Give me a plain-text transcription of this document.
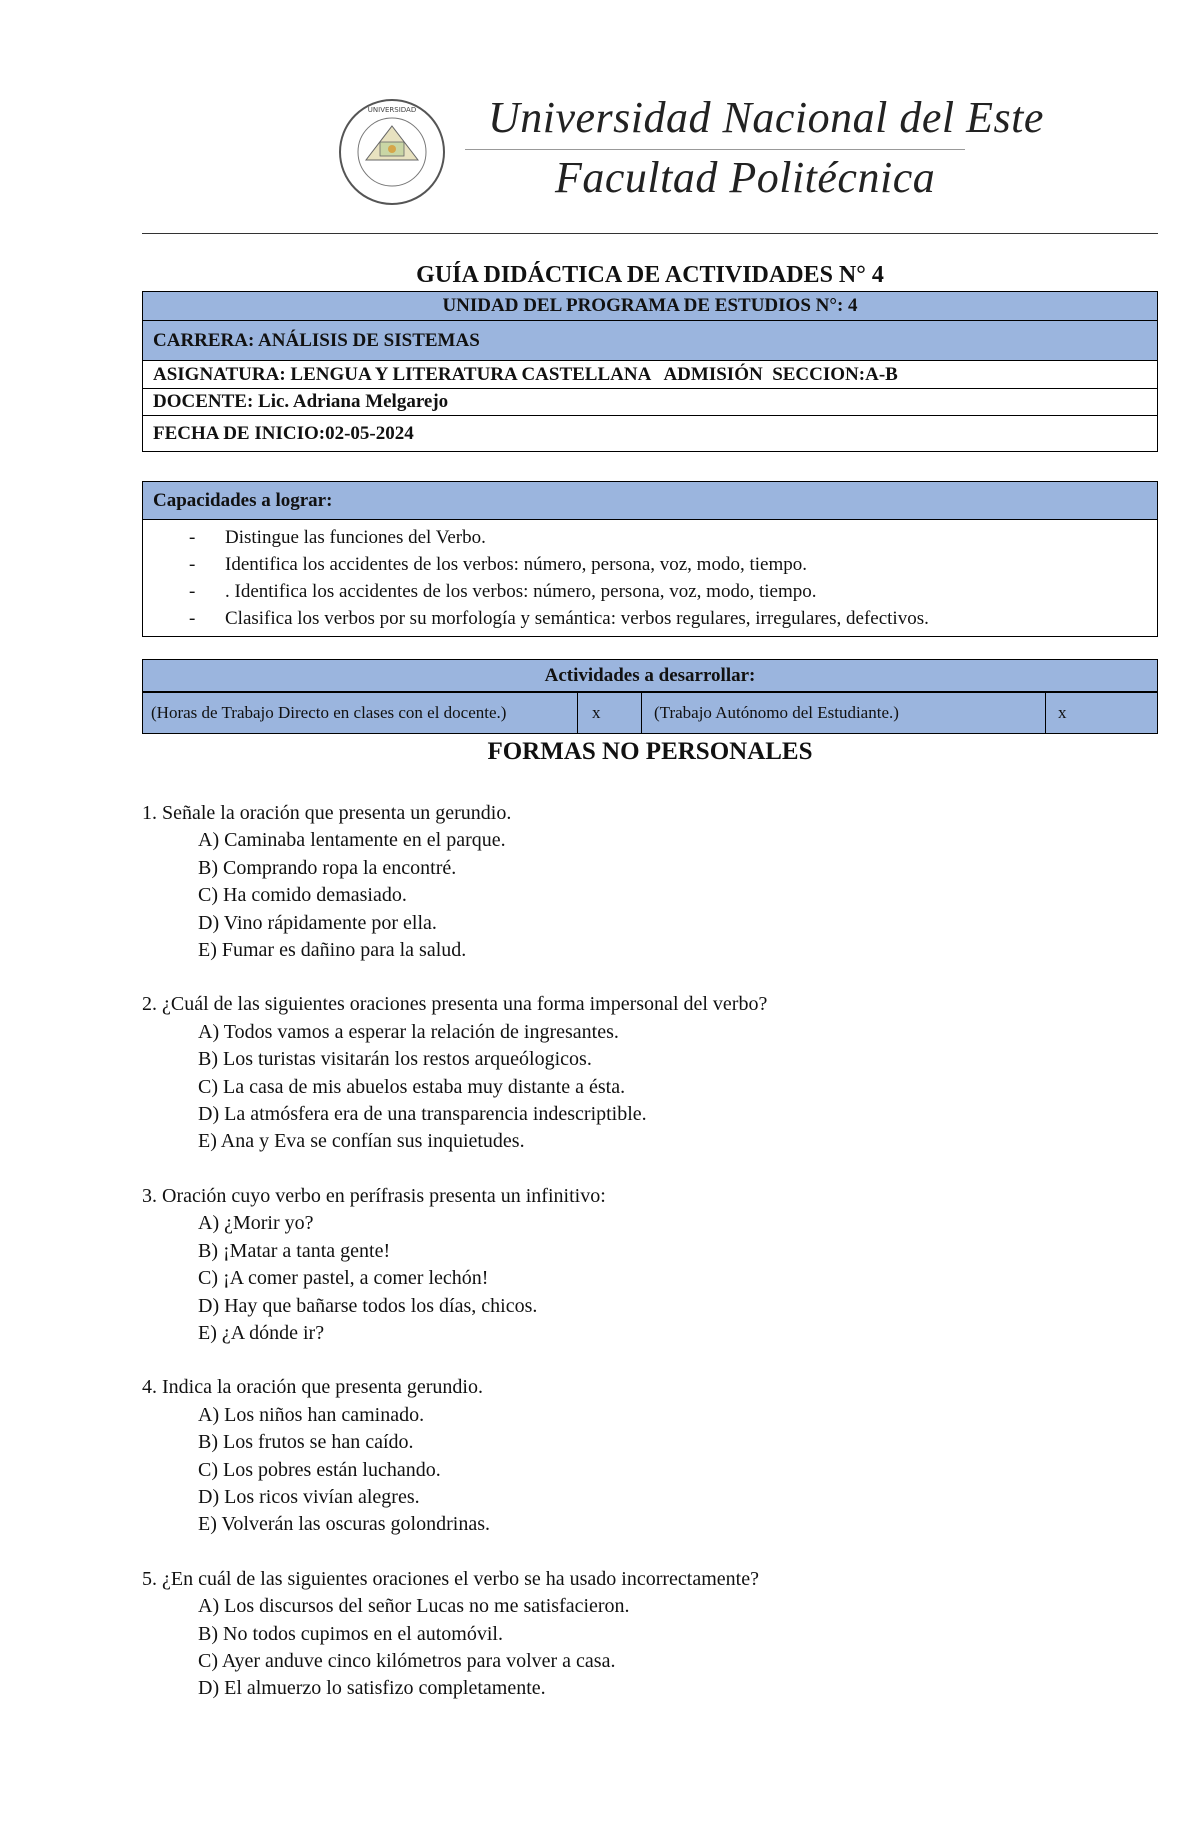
UNIVERSIDAD Universidad Nacional del Este
Facultad Politécnica
GUÍA DIDÁCTICA DE ACTIVIDADES N° 4
UNIDAD DEL PROGRAMA DE ESTUDIOS N°: 4
CARRERA: ANÁLISIS DE SISTEMAS
ASIGNATURA: LENGUA Y LITERATURA CASTELLANA   ADMISIÓN  SECCION:A-B
DOCENTE: Lic. Adriana Melgarejo
FECHA DE INICIO:02-05-2024
Capacidades a lograr:
- Distingue las funciones del Verbo.
- Identifica los accidentes de los verbos: número, persona, voz, modo, tiempo.
- . Identifica los accidentes de los verbos: número, persona, voz, modo, tiempo.
- Clasifica los verbos por su morfología y semántica: verbos regulares, irregulares, defectivos.
Actividades a desarrollar:
(Horas de Trabajo Directo en clases con el docente.)	x	(Trabajo Autónomo del Estudiante.)	x
FORMAS NO PERSONALES
1. Señale la oración que presenta un gerundio.
A) Caminaba lentamente en el parque.
B) Comprando ropa la encontré.
C) Ha comido demasiado.
D) Vino rápidamente por ella.
E) Fumar es dañino para la salud.
2. ¿Cuál de las siguientes oraciones presenta una forma impersonal del verbo?
A) Todos vamos a esperar la relación de ingresantes.
B) Los turistas visitarán los restos arqueólogicos.
C) La casa de mis abuelos estaba muy distante a ésta.
D) La atmósfera era de una transparencia indescriptible.
E) Ana y Eva se confían sus inquietudes.
3. Oración cuyo verbo en perífrasis presenta un infinitivo:
A) ¿Morir yo?
B) ¡Matar a tanta gente!
C) ¡A comer pastel, a comer lechón!
D) Hay que bañarse todos los días, chicos.
E) ¿A dónde ir?
4. Indica la oración que presenta gerundio.
A) Los niños han caminado.
B) Los frutos se han caído.
C) Los pobres están luchando.
D) Los ricos vivían alegres.
E) Volverán las oscuras golondrinas.
5. ¿En cuál de las siguientes oraciones el verbo se ha usado incorrectamente?
A) Los discursos del señor Lucas no me satisfacieron.
B) No todos cupimos en el automóvil.
C) Ayer anduve cinco kilómetros para volver a casa.
D) El almuerzo lo satisfizo completamente.
